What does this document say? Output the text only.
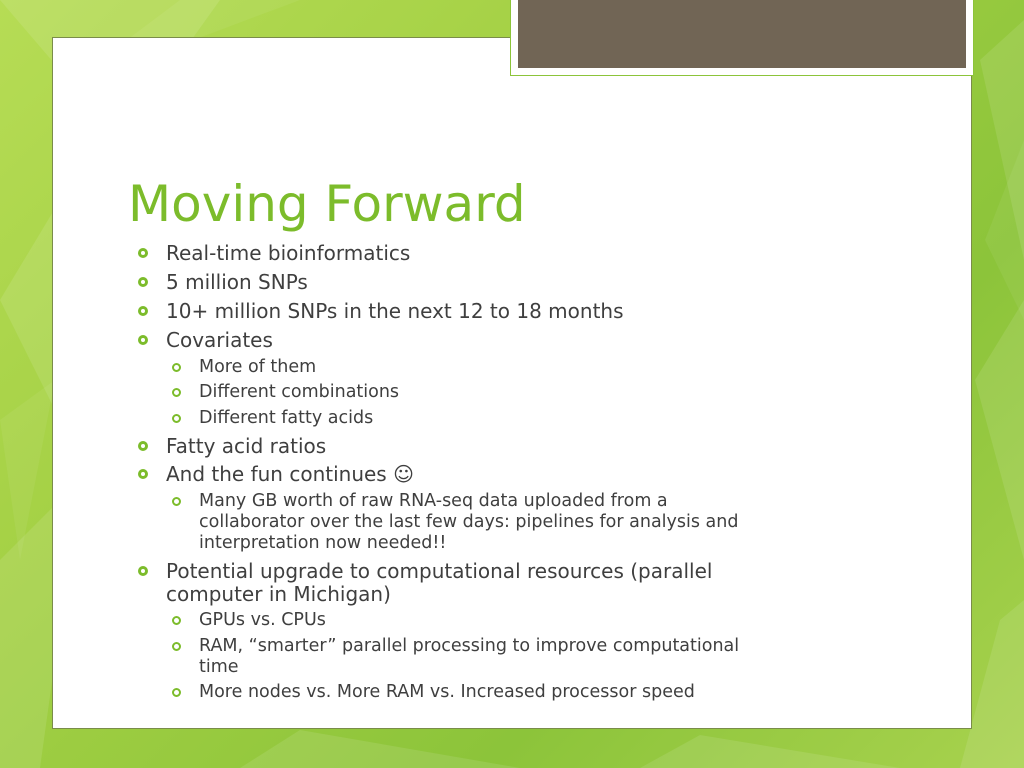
Moving Forward
Real-time bioinformatics
5 million SNPs
10+ million SNPs in the next 12 to 18 months
Covariates
More of them
Different combinations
Different fatty acids
Fatty acid ratios
And the fun continues ☺
Many GB worth of raw RNA-seq data uploaded from a
collaborator over the last few days: pipelines for analysis and
interpretation now needed!!
Potential upgrade to computational resources (parallel
computer in Michigan)
GPUs vs. CPUs
RAM, “smarter” parallel processing to improve computational
time
More nodes vs. More RAM vs. Increased processor speed
